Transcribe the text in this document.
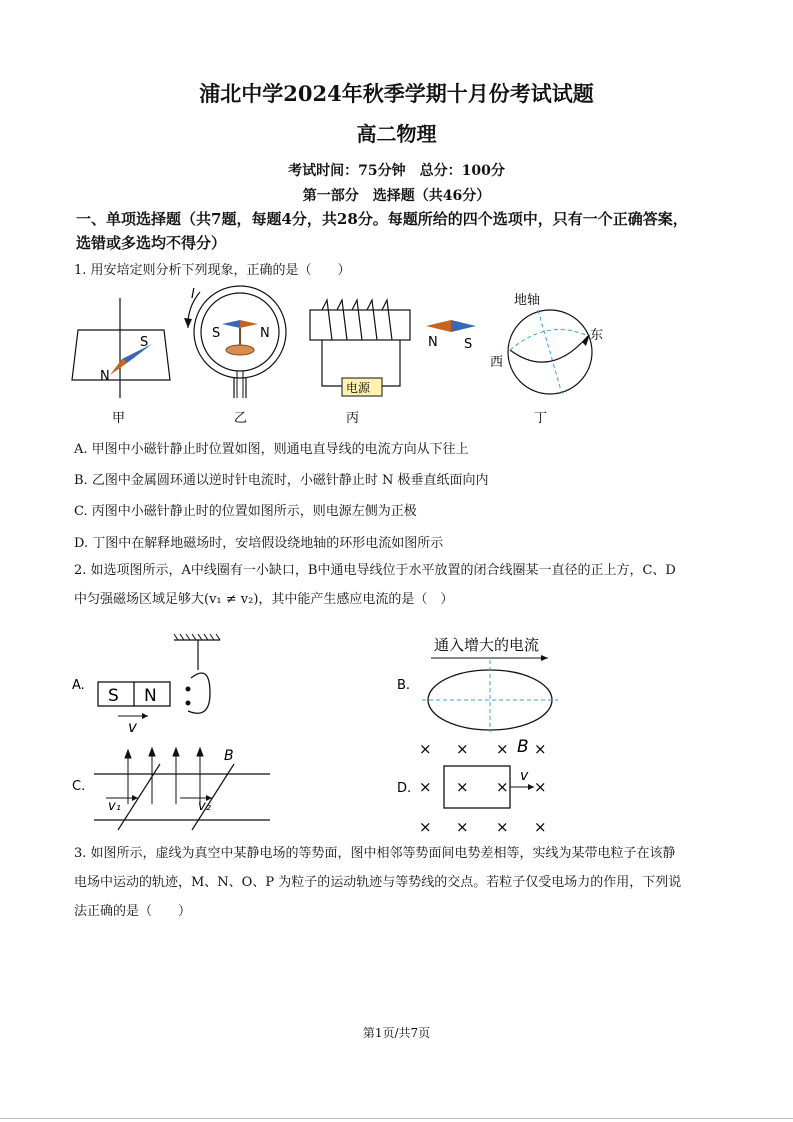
浦北中学2024年秋季学期十月份考试试题
高二物理
考试时间：75分钟　总分：100分
第一部分　选择题（共46分）
一、单项选择题（共7题，每题4分，共28分。每题所给的四个选项中，只有一个正确答案，
选错或多选均不得分）
1. 用安培定则分析下列现象，正确的是（　　）
S
N
甲
I
S	N
乙
电源
N S
丙
地轴
东
西
丁
A. 甲图中小磁针静止时位置如图，则通电直导线的电流方向从下往上
B. 乙图中金属圆环通以逆时针电流时，小磁针静止时 N 极垂直纸面向内
C. 丙图中小磁针静止时的位置如图所示，则电源左侧为正极
D. 丁图中在解释地磁场时，安培假设绕地轴的环形电流如图所示
2. 如选项图所示，A中线圈有一小缺口，B中通电导线位于水平放置的闭合线圈某一直径的正上方，C、D
中匀强磁场区域足够大(v₁ ≠ v₂)，其中能产生感应电流的是（　）
A.
S N
v
B.
通入增大的电流
C.
B
v₁	v₂
D.
× × × ×
B
× × × ×
v
× × × ×
3. 如图所示，虚线为真空中某静电场的等势面，图中相邻等势面间电势差相等，实线为某带电粒子在该静
电场中运动的轨迹，M、N、O、P 为粒子的运动轨迹与等势线的交点。若粒子仅受电场力的作用，下列说
法正确的是（　　）
第1页/共7页
